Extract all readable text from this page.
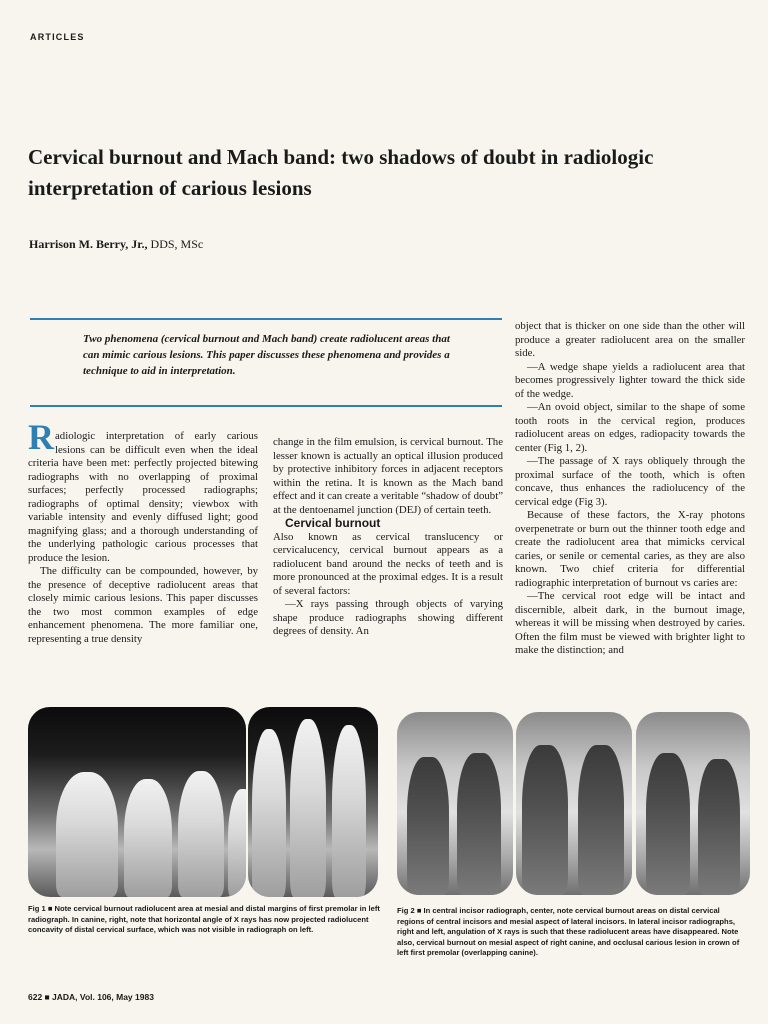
ARTICLES
Cervical burnout and Mach band: two shadows of doubt in radiologic interpretation of carious lesions
Harrison M. Berry, Jr., DDS, MSc
Two phenomena (cervical burnout and Mach band) create radiolucent areas that can mimic carious lesions. This paper discusses these phenomena and provides a technique to aid in interpretation.

Radiologic interpretation of early carious lesions can be difficult even when the ideal criteria have been met: perfectly projected bitewing radiographs with no overlapping of proximal surfaces; perfectly processed radiographs; radiographs of optimal density; viewbox with variable intensity and evenly diffused light; good magnifying glass; and a thorough understanding of the underlying pathologic carious processes that produce the lesion.

The difficulty can be compounded, however, by the presence of deceptive radiolucent areas that closely mimic carious lesions. This paper discusses the two most common examples of edge enhancement phenomena. The more familiar one, representing a true density

change in the film emulsion, is cervical burnout. The lesser known is actually an optical illusion produced by protective inhibitory forces in adjacent receptors within the retina. It is known as the Mach band effect and it can create a veritable “shadow of doubt” at the dentoenamel junction (DEJ) of certain teeth.

Cervical burnout

Also known as cervical translucency or cervicalucency, cervical burnout appears as a radiolucent band around the necks of teeth and is more pronounced at the proximal edges. It is a result of several factors:

—X rays passing through objects of varying shape produce radiographs showing different degrees of density. An

object that is thicker on one side than the other will produce a greater radiolucent area on the smaller side.

—A wedge shape yields a radiolucent area that becomes progressively lighter toward the thick side of the wedge.

—An ovoid object, similar to the shape of some tooth roots in the cervical region, produces radiolucent areas on edges, radiopacity towards the center (Fig 1, 2).

—The passage of X rays obliquely through the proximal surface of the tooth, which is often concave, thus enhances the radiolucency of the cervical edge (Fig 3).

Because of these factors, the X-ray photons overpenetrate or burn out the thinner tooth edge and create the radiolucent area that mimicks cervical caries, or senile or cemental caries, as they are also known. Two chief criteria for differential radiographic interpretation of burnout vs caries are:

—The cervical root edge will be intact and discernible, albeit dark, in the burnout image, whereas it will be missing when destroyed by caries. Often the film must be viewed with brighter light to make the distinction; and

Fig 1 ■ Note cervical burnout radiolucent area at mesial and distal margins of first premolar in left radiograph. In canine, right, note that horizontal angle of X rays has now projected radiolucent concavity of distal cervical surface, which was not visible in radiograph on left.
Fig 2 ■ In central incisor radiograph, center, note cervical burnout areas on distal cervical regions of central incisors and mesial aspect of lateral incisors. In lateral incisor radiographs, right and left, angulation of X rays is such that these radiolucent areas have disappeared. Note also, cervical burnout on mesial aspect of right canine, and occlusal carious lesion in crown of left first premolar (overlapping canine).
622 ■ JADA, Vol. 106, May 1983
